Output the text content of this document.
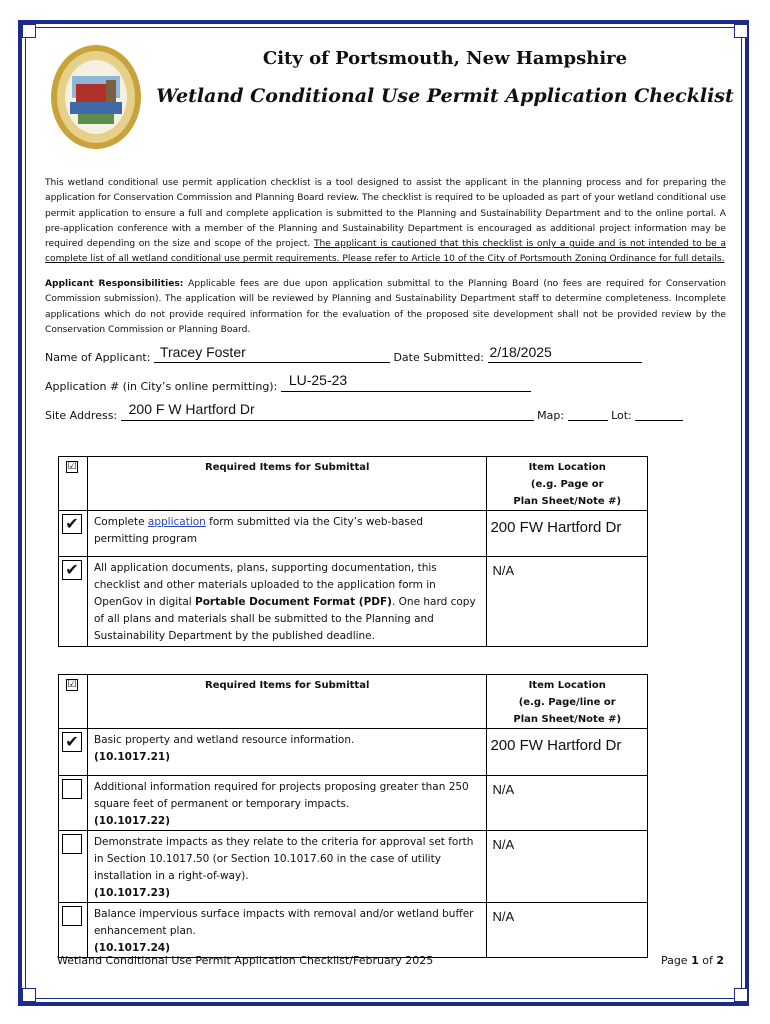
City of Portsmouth, New Hampshire
Wetland Conditional Use Permit Application Checklist
This wetland conditional use permit application checklist is a tool designed to assist the applicant in the planning process and for preparing the application for Conservation Commission and Planning Board review. The checklist is required to be uploaded as part of your wetland conditional use permit application to ensure a full and complete application is submitted to the Planning and Sustainability Department and to the online portal. A pre-application conference with a member of the Planning and Sustainability Department is encouraged as additional project information may be required depending on the size and scope of the project. The applicant is cautioned that this checklist is only a guide and is not intended to be a complete list of all wetland conditional use permit requirements. Please refer to Article 10 of the City of Portsmouth Zoning Ordinance for full details.
Applicant Responsibilities: Applicable fees are due upon application submittal to the Planning Board (no fees are required for Conservation Commission submission). The application will be reviewed by Planning and Sustainability Department staff to determine completeness. Incomplete applications which do not provide required information for the evaluation of the proposed site development shall not be provided review by the Conservation Commission or Planning Board.
Name of Applicant: Tracey Foster	Date Submitted: 2/18/2025
Application # (in City’s online permitting): LU-25-23
Site Address: 200 F W Hartford Dr	Map:	Lot:
☑	Required Items for Submittal	Item Location
(e.g. Page or
Plan Sheet/Note #)

✔	Complete application form submitted via the City’s web-based permitting program	200 FW Hartford Dr

✔	All application documents, plans, supporting documentation, this checklist and other materials uploaded to the application form in OpenGov in digital Portable Document Format (PDF). One hard copy of all plans and materials shall be submitted to the Planning and Sustainability Department by the published deadline.	N/A
☑	Required Items for Submittal	Item Location
(e.g. Page/line or
Plan Sheet/Note #)

✔	Basic property and wetland resource information.
(10.1017.21)	200 FW Hartford Dr

	Additional information required for projects proposing greater than 250 square feet of permanent or temporary impacts.
(10.1017.22)	N/A

	Demonstrate impacts as they relate to the criteria for approval set forth in Section 10.1017.50 (or Section 10.1017.60 in the case of utility installation in a right-of-way).
(10.1017.23)	N/A

	Balance impervious surface impacts with removal and/or wetland buffer enhancement plan.
(10.1017.24)	N/A
Wetland Conditional Use Permit Application Checklist/February 2025	Page 1 of 2
